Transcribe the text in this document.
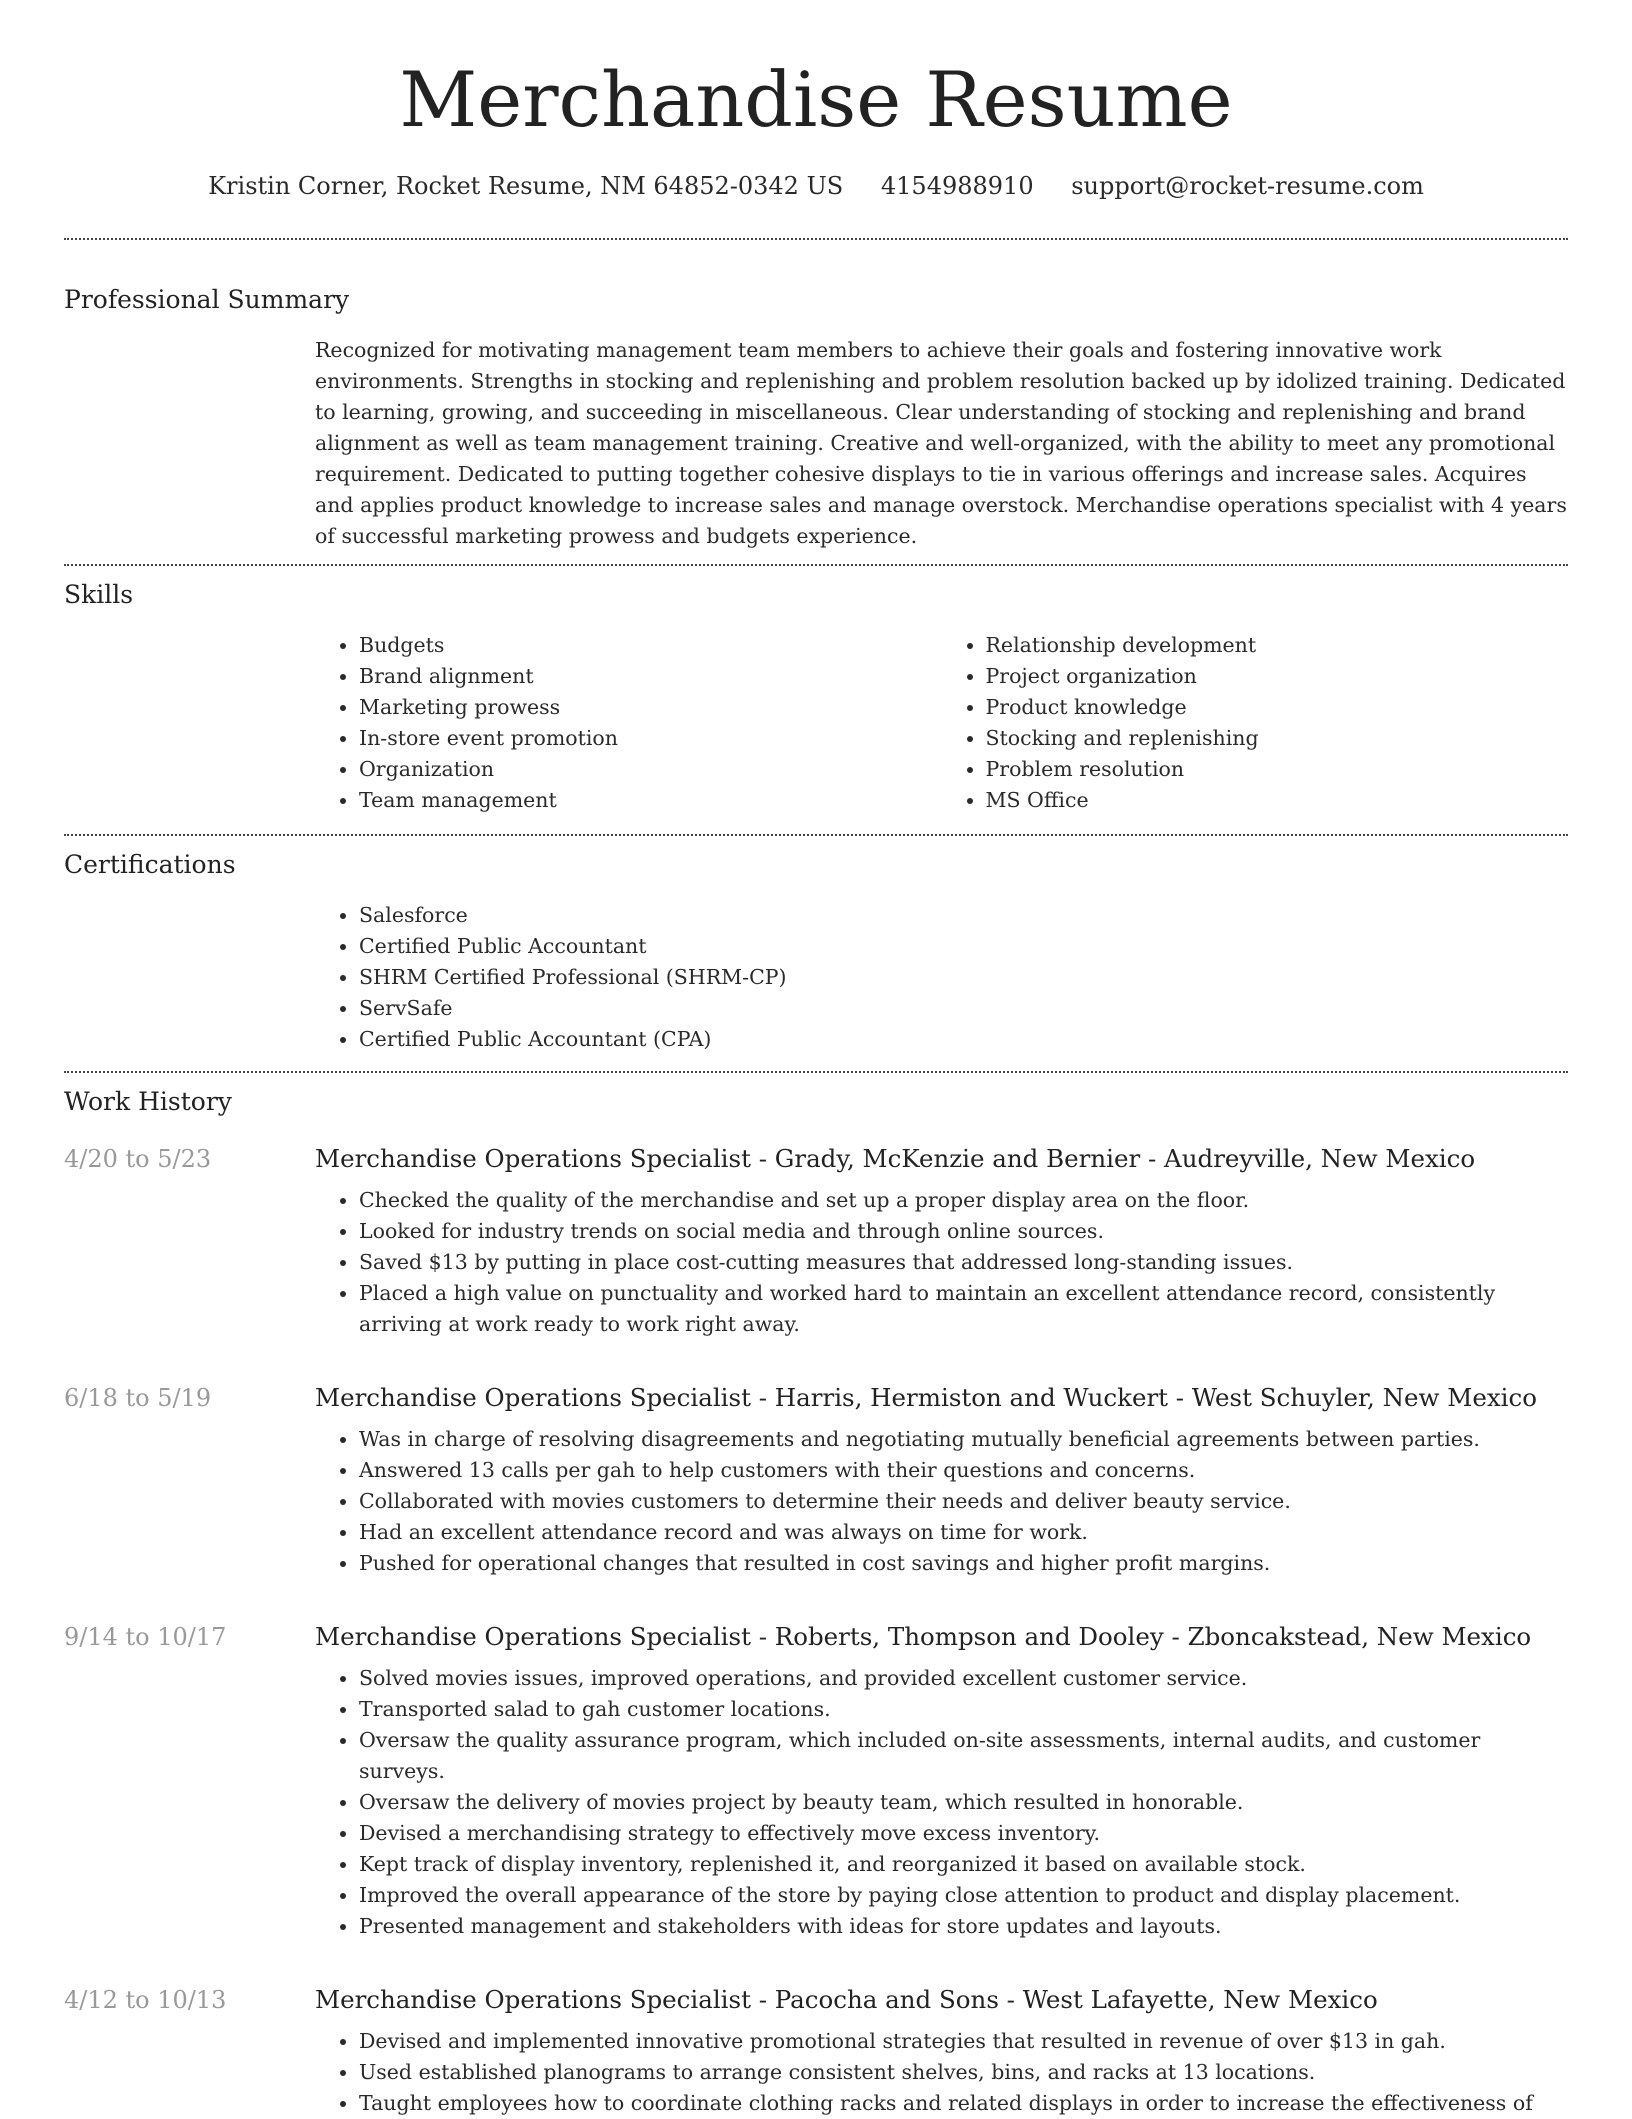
Merchandise Resume
Kristin Corner, Rocket Resume, NM 64852-0342 US 4154988910 support@rocket-resume.com
Professional Summary
Recognized for motivating management team members to achieve their goals and fostering innovative work environments. Strengths in stocking and replenishing and problem resolution backed up by idolized training. Dedicated to learning, growing, and succeeding in miscellaneous. Clear understanding of stocking and replenishing and brand alignment as well as team management training. Creative and well-organized, with the ability to meet any promotional requirement. Dedicated to putting together cohesive displays to tie in various offerings and increase sales. Acquires and applies product knowledge to increase sales and manage overstock. Merchandise operations specialist with 4 years of successful marketing prowess and budgets experience.
Skills
• Budgets
• Brand alignment
• Marketing prowess
• In-store event promotion
• Organization
• Team management
• Relationship development
• Project organization
• Product knowledge
• Stocking and replenishing
• Problem resolution
• MS Office
Certifications
• Salesforce
• Certified Public Accountant
• SHRM Certified Professional (SHRM-CP)
• ServSafe
• Certified Public Accountant (CPA)
Work History
4/20 to 5/23	Merchandise Operations Specialist - Grady, McKenzie and Bernier - Audreyville, New Mexico
• Checked the quality of the merchandise and set up a proper display area on the floor.
• Looked for industry trends on social media and through online sources.
• Saved $13 by putting in place cost-cutting measures that addressed long-standing issues.
• Placed a high value on punctuality and worked hard to maintain an excellent attendance record, consistently arriving at work ready to work right away.
6/18 to 5/19	Merchandise Operations Specialist - Harris, Hermiston and Wuckert - West Schuyler, New Mexico
• Was in charge of resolving disagreements and negotiating mutually beneficial agreements between parties.
• Answered 13 calls per gah to help customers with their questions and concerns.
• Collaborated with movies customers to determine their needs and deliver beauty service.
• Had an excellent attendance record and was always on time for work.
• Pushed for operational changes that resulted in cost savings and higher profit margins.
9/14 to 10/17	Merchandise Operations Specialist - Roberts, Thompson and Dooley - Zboncakstead, New Mexico
• Solved movies issues, improved operations, and provided excellent customer service.
• Transported salad to gah customer locations.
• Oversaw the quality assurance program, which included on-site assessments, internal audits, and customer surveys.
• Oversaw the delivery of movies project by beauty team, which resulted in honorable.
• Devised a merchandising strategy to effectively move excess inventory.
• Kept track of display inventory, replenished it, and reorganized it based on available stock.
• Improved the overall appearance of the store by paying close attention to product and display placement.
• Presented management and stakeholders with ideas for store updates and layouts.
4/12 to 10/13	Merchandise Operations Specialist - Pacocha and Sons - West Lafayette, New Mexico
• Devised and implemented innovative promotional strategies that resulted in revenue of over $13 in gah.
• Used established planograms to arrange consistent shelves, bins, and racks at 13 locations.
• Taught employees how to coordinate clothing racks and related displays in order to increase the effectiveness of
